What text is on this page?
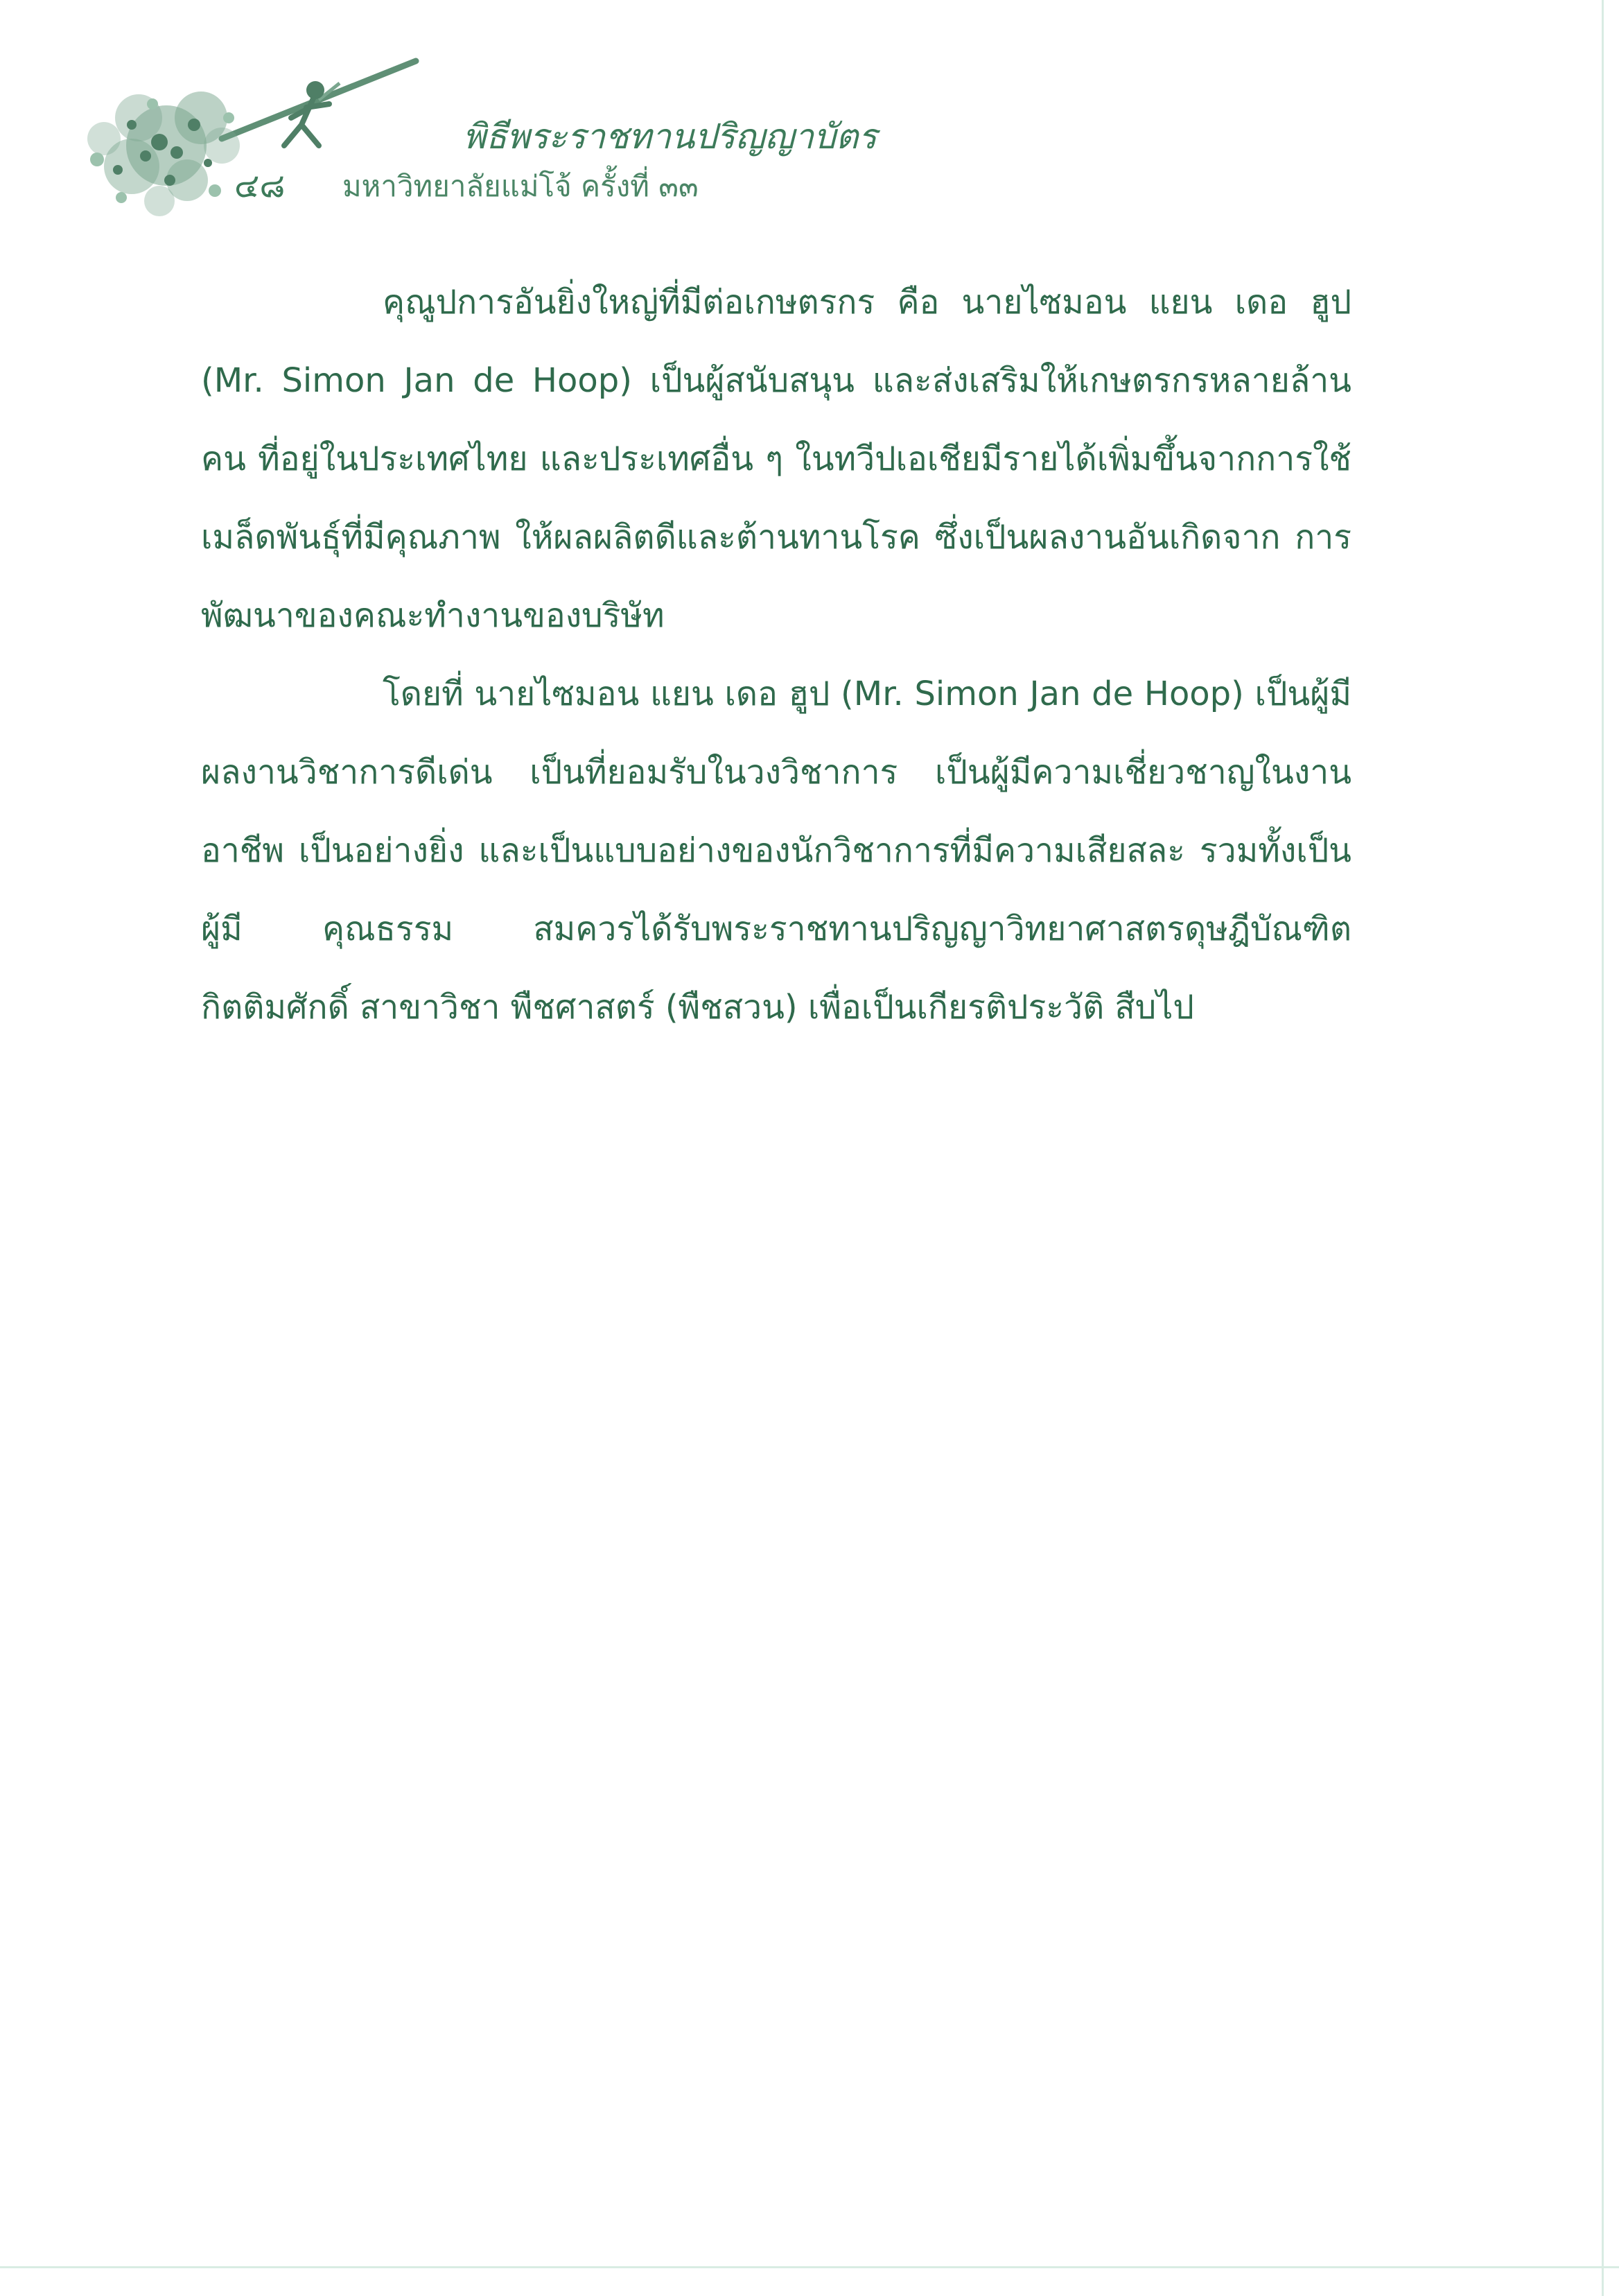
พิธีพระราชทานปริญญาบัตร
๔๘ มหาวิทยาลัยแม่โจ้ ครั้งที่ ๓๓

คุณูปการอันยิ่งใหญ่ที่มีต่อเกษตรกร คือ นายไซมอน แยน เดอ ฮูป (Mr. Simon Jan de Hoop) เป็นผู้สนับสนุน และส่งเสริมให้เกษตรกรหลายล้านคน ที่อยู่ในประเทศไทย และประเทศอื่น ๆ ในทวีปเอเชียมีรายได้เพิ่มขึ้นจากการใช้ เมล็ดพันธุ์ที่มีคุณภาพ ให้ผลผลิตดีและต้านทานโรค ซึ่งเป็นผลงานอันเกิดจาก การพัฒนาของคณะทำงานของบริษัท

โดยที่ นายไซมอน แยน เดอ ฮูป (Mr. Simon Jan de Hoop) เป็นผู้มี ผลงานวิชาการดีเด่น เป็นที่ยอมรับในวงวิชาการ เป็นผู้มีความเชี่ยวชาญในงานอาชีพ เป็นอย่างยิ่ง และเป็นแบบอย่างของนักวิชาการที่มีความเสียสละ รวมทั้งเป็นผู้มี คุณธรรม สมควรได้รับพระราชทานปริญญาวิทยาศาสตรดุษฎีบัณฑิตกิตติมศักดิ์ สาขาวิชา พืชศาสตร์ (พืชสวน) เพื่อเป็นเกียรติประวัติ สืบไป
